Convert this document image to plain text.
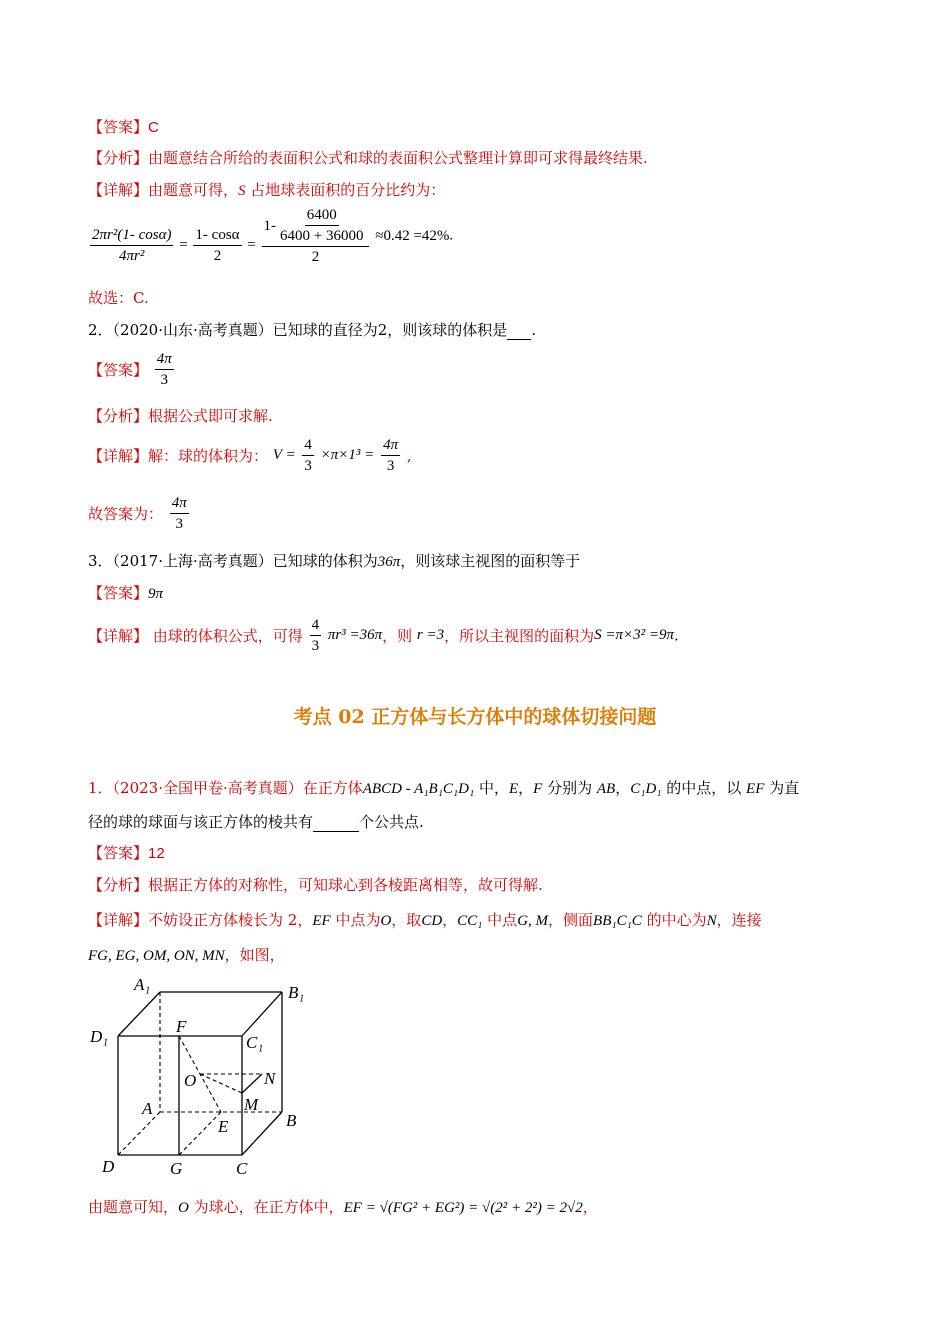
【答案】C
【分析】由题意结合所给的表面积公式和球的表面积公式整理计算即可求得最终结果.
【详解】由题意可得，S 占地球表面积的百分比约为：
$\frac{\text{2πr²(1- cosα)}}{\text{4πr²}} = \frac{1- \cos\alpha}{2} = \frac{1- \frac{6400}{6400 + 36000}}{2} \approx 0.42 =42\%$.
故选：C.
2．（2020·山东·高考真题）已知球的直径为2，则该球的体积是 .
【答案】 $\frac{4\pi}{3}$
【分析】根据公式即可求解.
【详解】解：球的体积为： $V = \frac{4}{3} \times\pi\times 1^3 = \frac{4\pi}{3}$ ,
故答案为： $\frac{4\pi}{3}$
3．（2017·上海·高考真题）已知球的体积为36π，则该球主视图的面积等于
【答案】9π
【详解】 由球的体积公式，可得 $\frac{4}{3} \pi r^3 =36\pi$，则 r =3，所以主视图的面积为S =π×3² =9π.
考点 02 正方体与长方体中的球体切接问题
1．（2023·全国甲卷·高考真题）在正方体ABCD - A₁B₁C₁D₁ 中，E，F 分别为 AB，C₁D₁ 的中点，以 EF 为直
径的球的球面与该正方体的棱共有	个公共点.
【答案】12
【分析】根据正方体的对称性，可知球心到各棱距离相等，故可得解.
【详解】不妨设正方体棱长为 2，EF 中点为O，取CD，CC₁ 中点G, M，侧面BB₁C₁C 的中心为N，连接
FG, EG, OM, ON, MN，如图，
A₁	B₁
D₁
F
C₁
N
O
M
A
B
E
D	G	C
由题意可知，O 为球心，在正方体中，EF = √(FG² + EG²) = √(2² + 2²) = 2√2，
